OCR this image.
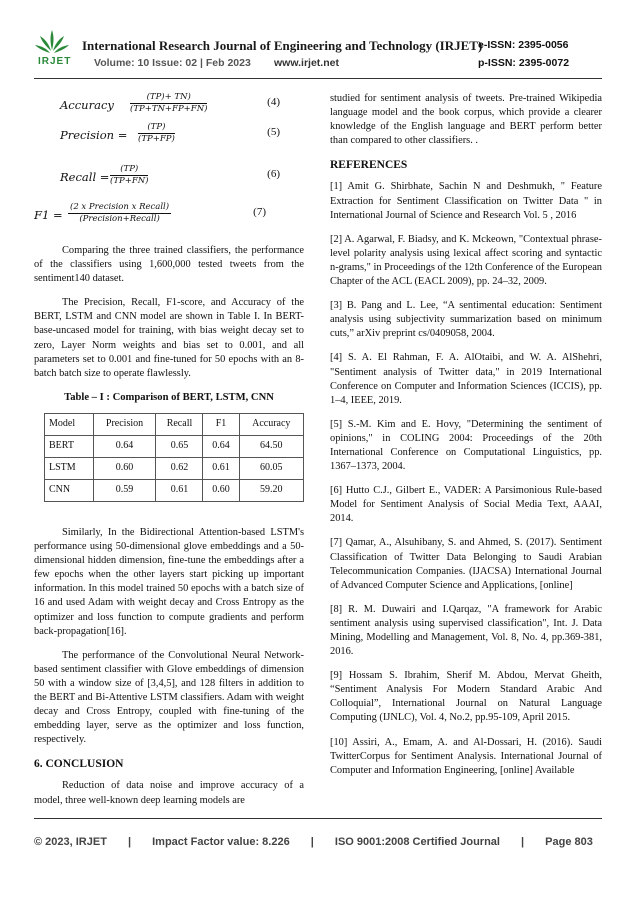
IRJET
International Research Journal of Engineering and Technology (IRJET)
Volume: 10 Issue: 02 | Feb 2023 www.irjet.net
e-ISSN: 2395-0056
p-ISSN: 2395-0072
Accuracy $\frac{(TP)+ TN)}{(TP+TN+FP+FN)}$	(4)
Precision = $\frac{(TP)}{(TP+FP)}$	(5)
Recall = $\frac{(TP)}{(TP+FN)}$	(6)
F1 =
(2 x Precision x Recall)
(Precision+Recall)
(7)

Comparing the three trained classifiers, the performance of the classifiers using 1,600,000 tested tweets from the sentiment140 dataset.

The Precision, Recall, F1-score, and Accuracy of the BERT, LSTM and CNN model are shown in Table I. In BERT-base-uncased model for training, with bias weight decay set to zero, Layer Norm weights and bias set to 0.001, and all parameters set to 0.001 and fine-tuned for 50 epochs with an 8-batch batch size to operate flawlessly.

Table – I : Comparison of BERT, LSTM, CNN
Model	Precision	Recall	F1	Accuracy
BERT	0.64	0.65	0.64	64.50
LSTM	0.60	0.62	0.61	60.05
CNN	0.59	0.61	0.60	59.20

Similarly, In the Bidirectional Attention-based LSTM's performance using 50-dimensional glove embeddings and a 50-dimensional hidden dimension, fine-tune the embeddings after a few epochs when the other layers start picking up important information. In this model trained 50 epochs with a batch size of 16 and used Adam with weight decay and Cross Entropy as the optimizer and loss function to compute gradients and perform back-propagation[16].

The performance of the Convolutional Neural Network-based sentiment classifier with Glove embeddings of dimension 50 with a window size of [3,4,5], and 128 filters in addition to the BERT and Bi-Attentive LSTM classifiers. Adam with weight decay and Cross Entropy, coupled with fine-tuning of the embedding layer, serve as the optimizer and loss function, respectively.

6. CONCLUSION

Reduction of data noise and improve accuracy of a model, three well-known deep learning models are

studied for sentiment analysis of tweets. Pre-trained Wikipedia language model and the book corpus, which provide a clearer knowledge of the English language and BERT perform better than compared to other classifiers. .

REFERENCES
[1] Amit G. Shirbhate, Sachin N and Deshmukh, " Feature Extraction for Sentiment Classification on Twitter Data " in International Journal of Science and Research Vol. 5 , 2016
[2] A. Agarwal, F. Biadsy, and K. Mckeown, "Contextual phrase-level polarity analysis using lexical affect scoring and syntactic n-grams," in Proceedings of the 12th Conference of the European Chapter of the ACL (EACL 2009), pp. 24–32, 2009.
[3] B. Pang and L. Lee, “A sentimental education: Sentiment analysis using subjectivity summarization based on minimum cuts,” arXiv preprint cs/0409058, 2004.
[4] S. A. El Rahman, F. A. AlOtaibi, and W. A. AlShehri, "Sentiment analysis of Twitter data," in 2019 International Conference on Computer and Information Sciences (ICCIS), pp. 1–4, IEEE, 2019.
[5] S.-M. Kim and E. Hovy, "Determining the sentiment of opinions," in COLING 2004: Proceedings of the 20th International Conference on Computational Linguistics, pp. 1367–1373, 2004.
[6] Hutto C.J., Gilbert E., VADER: A Parsimonious Rule-based Model for Sentiment Analysis of Social Media Text, AAAI, 2014.
[7] Qamar, A., Alsuhibany, S. and Ahmed, S. (2017). Sentiment Classification of Twitter Data Belonging to Saudi Arabian Telecommunication Companies. (IJACSA) International Journal of Advanced Computer Science and Applications, [online]
[8] R. M. Duwairi and I.Qarqaz, "A framework for Arabic sentiment analysis using supervised classification", Int. J. Data Mining, Modelling and Management, Vol. 8, No. 4, pp.369-381, 2016.
[9] Hossam S. Ibrahim, Sherif M. Abdou, Mervat Gheith, “Sentiment Analysis For Modern Standard Arabic And Colloquial”, International Journal on Natural Language Computing (IJNLC), Vol. 4, No.2, pp.95-109, April 2015.
[10] Assiri, A., Emam, A. and Al-Dossari, H. (2016). Saudi TwitterCorpus for Sentiment Analysis. International Journal of Computer and Information Engineering, [online] Available
© 2023, IRJET | Impact Factor value: 8.226 | ISO 9001:2008 Certified Journal | Page 803
